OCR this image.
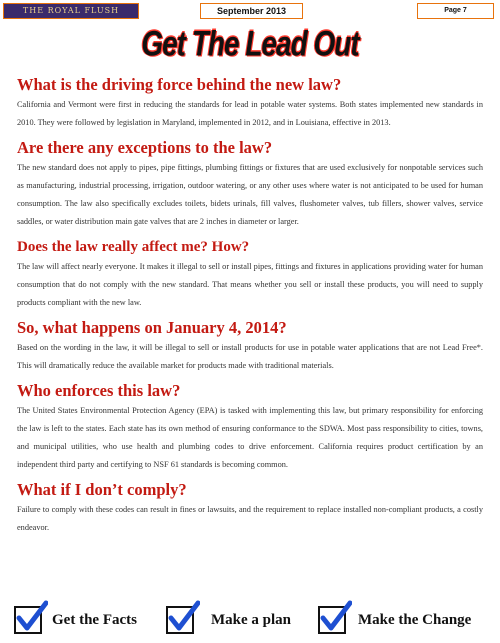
THE ROYAL FLUSH	September 2013	Page 7
Get The Lead Out
What is the driving force behind the new law?

California and Vermont were first in reducing the standards for lead in potable water systems. Both states implemented new standards in 2010. They were followed by legislation in Maryland, implemented in 2012, and in Louisiana, effective in 2013.

Are there any exceptions to the law?

The new standard does not apply to pipes, pipe fittings, plumbing fittings or fixtures that are used exclusively for nonpotable services such as manufacturing, industrial processing, irrigation, outdoor watering, or any other uses where water is not anticipated to be used for human consumption. The law also specifically excludes toilets, bidets urinals, fill valves, flushometer valves, tub fillers, shower valves, service saddles, or water distribution main gate valves that are 2 inches in diameter or larger.

Does the law really affect me? How?

The law will affect nearly everyone. It makes it illegal to sell or install pipes, fittings and fixtures in applications providing water for human consumption that do not comply with the new standard. That means whether you sell or install these products, you will need to supply products compliant with the new law.

So, what happens on January 4, 2014?

Based on the wording in the law, it will be illegal to sell or install products for use in potable water applications that are not Lead Free*. This will dramatically reduce the available market for products made with traditional materials.

Who enforces this law?

The United States Environmental Protection Agency (EPA) is tasked with implementing this law, but primary responsibility for enforcing the law is left to the states. Each state has its own method of ensuring conformance to the SDWA. Most pass responsibility to cities, towns, and municipal utilities, who use health and plumbing codes to drive enforcement. California requires product certification by an independent third party and certifying to NSF 61 standards is becoming common.

What if I don’t comply?

Failure to comply with these codes can result in fines or lawsuits, and the requirement to replace installed non-compliant products, a costly endeavor.

Get the Facts	Make a plan	Make the Change
